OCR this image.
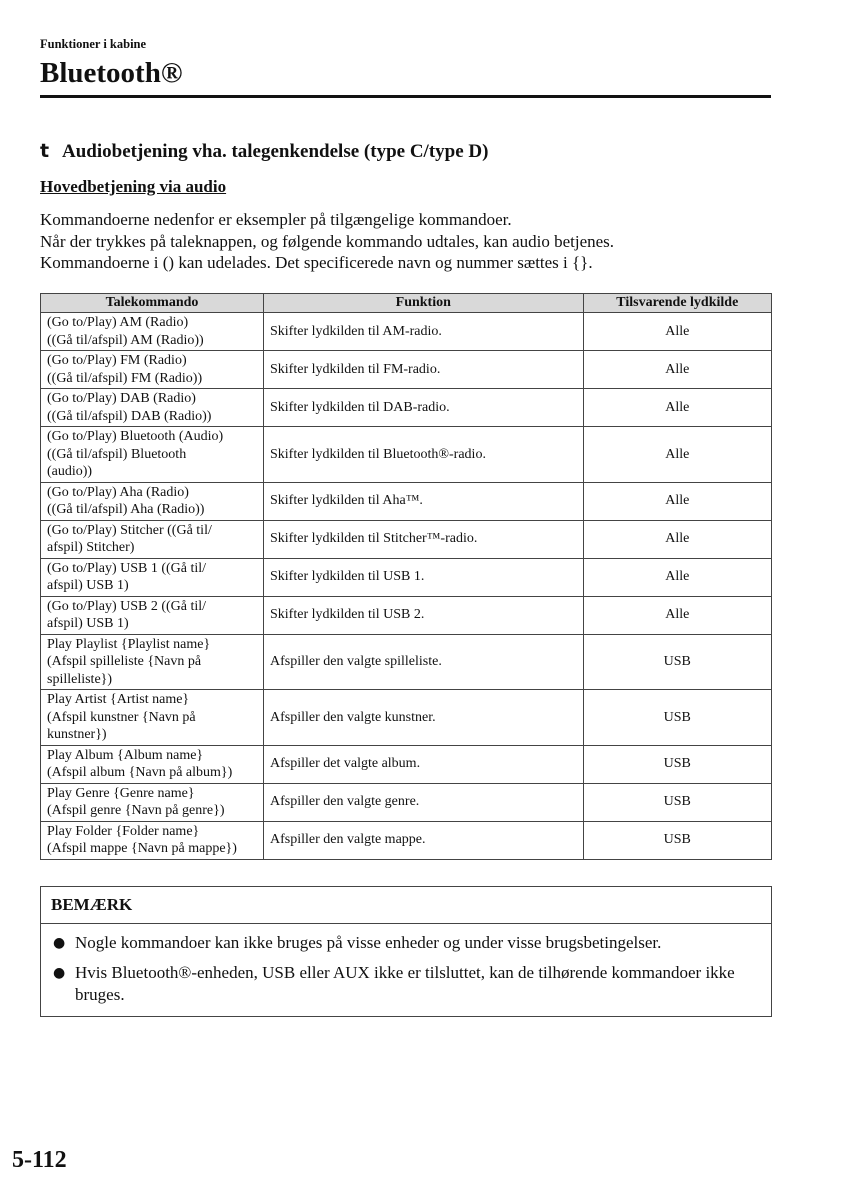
Funktioner i kabine
Bluetooth®
t Audiobetjening vha. talegenkendelse (type C/type D)
Hovedbetjening via audio

Kommandoerne nedenfor er eksempler på tilgængelige kommandoer.

Når der trykkes på taleknappen, og følgende kommando udtales, kan audio betjenes.

Kommandoerne i () kan udelades. Det specificerede navn og nummer sættes i {}.

Talekommando	Funktion	Tilsvarende lydkilde
(Go to/Play) AM (Radio)
((Gå til/afspil) AM (Radio))	Skifter lydkilden til AM-radio.	Alle
(Go to/Play) FM (Radio)
((Gå til/afspil) FM (Radio))	Skifter lydkilden til FM-radio.	Alle
(Go to/Play) DAB (Radio)
((Gå til/afspil) DAB (Radio))	Skifter lydkilden til DAB-radio.	Alle
(Go to/Play) Bluetooth (Audio)
((Gå til/afspil) Bluetooth
(audio))	Skifter lydkilden til Bluetooth®-radio.	Alle
(Go to/Play) Aha (Radio)
((Gå til/afspil) Aha (Radio))	Skifter lydkilden til Aha™.	Alle
(Go to/Play) Stitcher ((Gå til/
afspil) Stitcher)	Skifter lydkilden til Stitcher™-radio.	Alle
(Go to/Play) USB 1 ((Gå til/
afspil) USB 1)	Skifter lydkilden til USB 1.	Alle
(Go to/Play) USB 2 ((Gå til/
afspil) USB 1)	Skifter lydkilden til USB 2.	Alle
Play Playlist {Playlist name}
(Afspil spilleliste {Navn på
spilleliste})	Afspiller den valgte spilleliste.	USB
Play Artist {Artist name}
(Afspil kunstner {Navn på
kunstner})	Afspiller den valgte kunstner.	USB
Play Album {Album name}
(Afspil album {Navn på album})	Afspiller det valgte album.	USB
Play Genre {Genre name}
(Afspil genre {Navn på genre})	Afspiller den valgte genre.	USB
Play Folder {Folder name}
(Afspil mappe {Navn på mappe})	Afspiller den valgte mappe.	USB
BEMÆRK
● Nogle kommandoer kan ikke bruges på visse enheder og under visse brugsbetingelser.
● Hvis Bluetooth®-enheden, USB eller AUX ikke er tilsluttet, kan de tilhørende kommandoer ikke bruges.
5-112
